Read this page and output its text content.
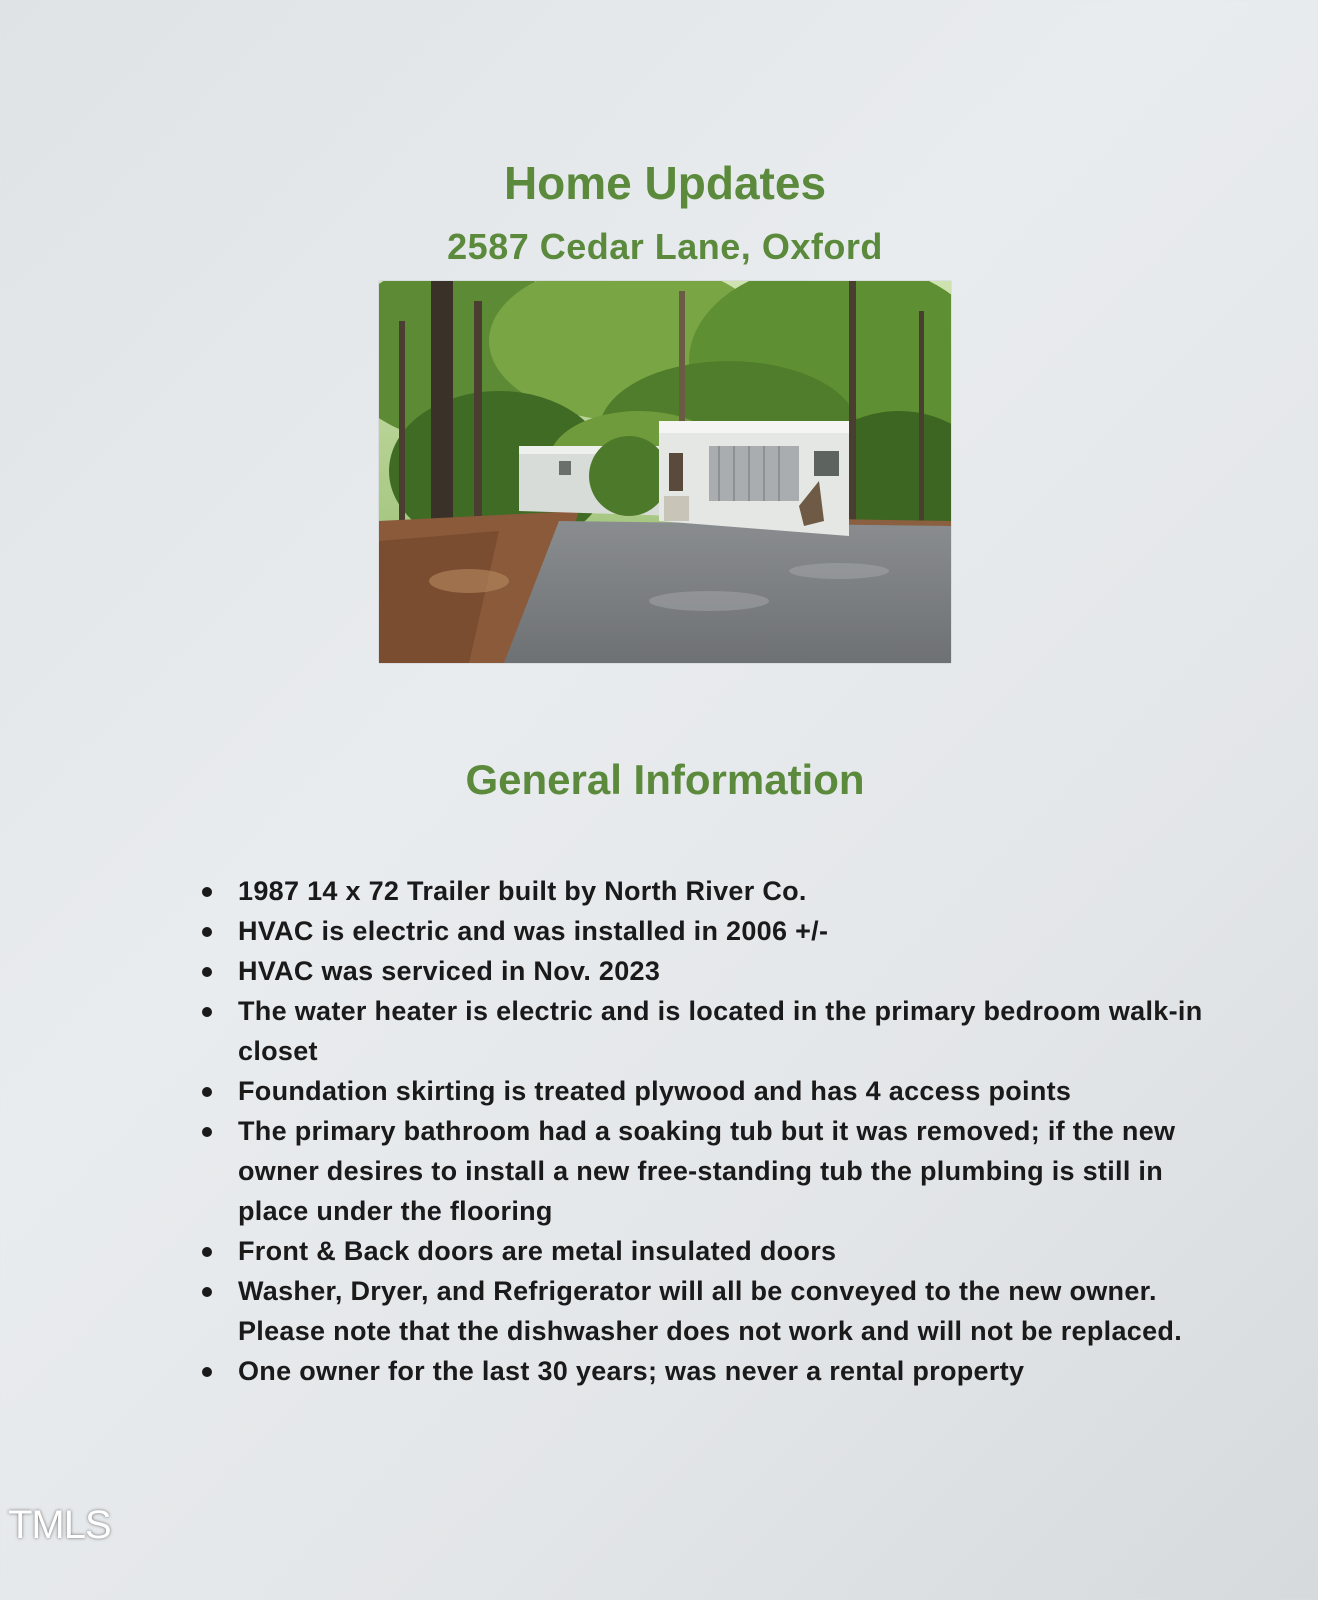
Home Updates
2587 Cedar Lane, Oxford
General Information
1987 14 x 72 Trailer built by North River Co.
HVAC is electric and was installed in 2006 +/-
HVAC was serviced in Nov. 2023
The water heater is electric and is located in the primary bedroom walk-in closet
Foundation skirting is treated plywood and has 4 access points
The primary bathroom had a soaking tub but it was removed; if the new owner desires to install a new free-standing tub the plumbing is still in place under the flooring
Front & Back doors are metal insulated doors
Washer, Dryer, and Refrigerator will all be conveyed to the new owner. Please note that the dishwasher does not work and will not be replaced.
One owner for the last 30 years; was never a rental property
TMLS
